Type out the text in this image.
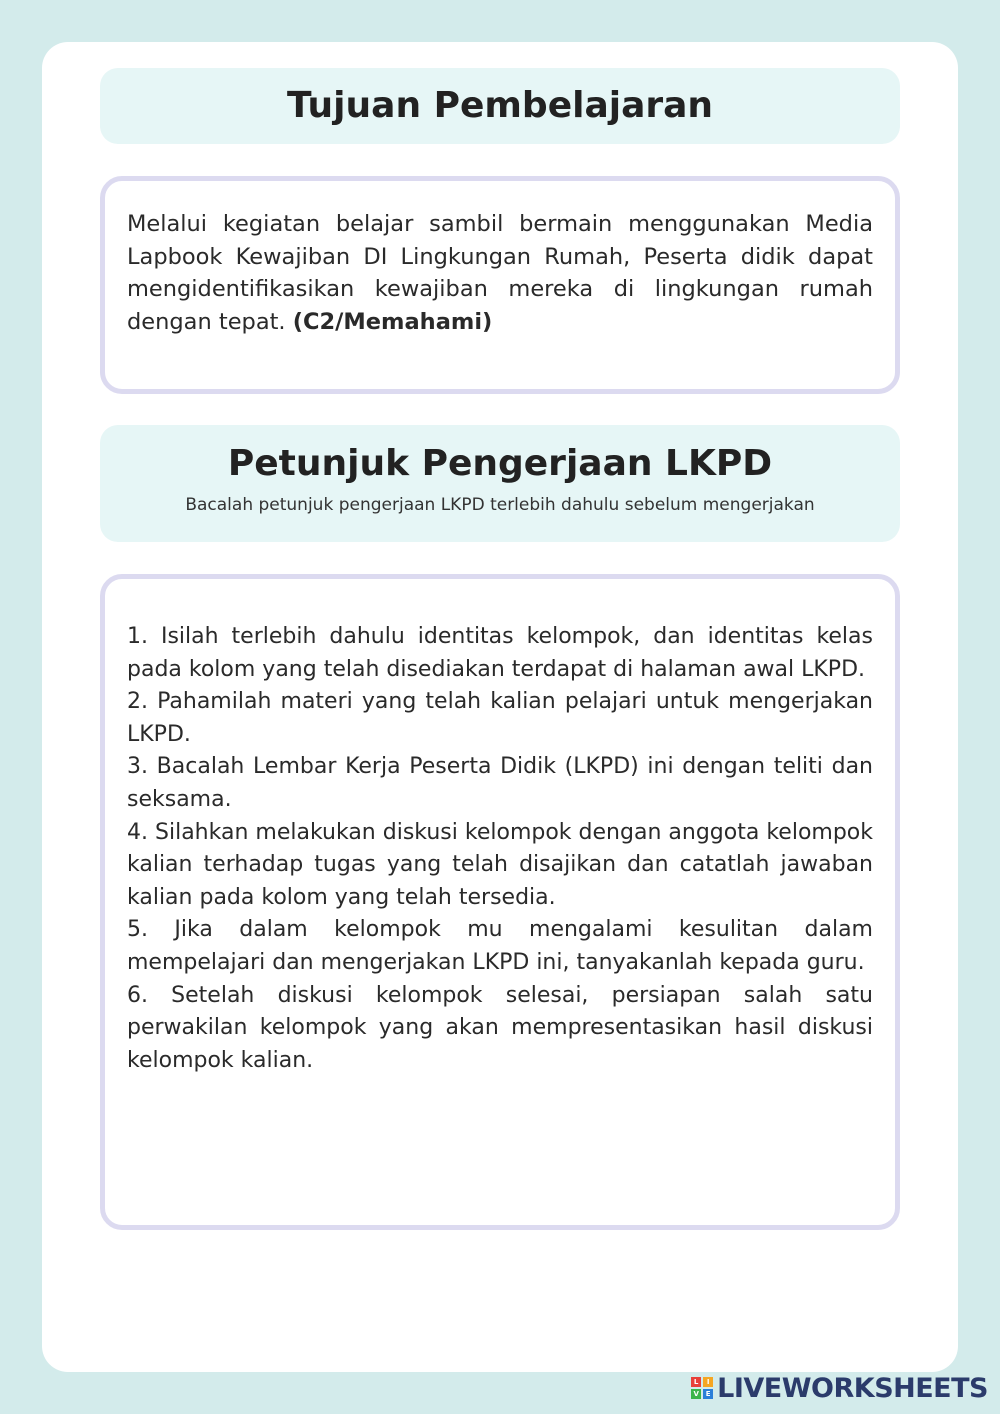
Tujuan Pembelajaran

Melalui kegiatan belajar sambil bermain menggunakan Media Lapbook Kewajiban DI Lingkungan Rumah, Peserta didik dapat mengidentifikasikan kewajiban mereka di lingkungan rumah dengan tepat. (C2/Memahami)

Petunjuk Pengerjaan LKPD
Bacalah petunjuk pengerjaan LKPD terlebih dahulu sebelum mengerjakan

1. Isilah terlebih dahulu identitas kelompok, dan identitas kelas pada kolom yang telah disediakan terdapat di halaman awal LKPD.

2. Pahamilah materi yang telah kalian pelajari untuk mengerjakan LKPD.

3. Bacalah Lembar Kerja Peserta Didik (LKPD) ini dengan teliti dan seksama.

4. Silahkan melakukan diskusi kelompok dengan anggota kelompok kalian terhadap tugas yang telah disajikan dan catatlah jawaban kalian pada kolom yang telah tersedia.

5. Jika dalam kelompok mu mengalami kesulitan dalam mempelajari dan mengerjakan LKPD ini, tanyakanlah kepada guru.

6. Setelah diskusi kelompok selesai, persiapan salah satu perwakilan kelompok yang akan mempresentasikan hasil diskusi kelompok kalian.

L	I
V E LIVEWORKSHEETS
